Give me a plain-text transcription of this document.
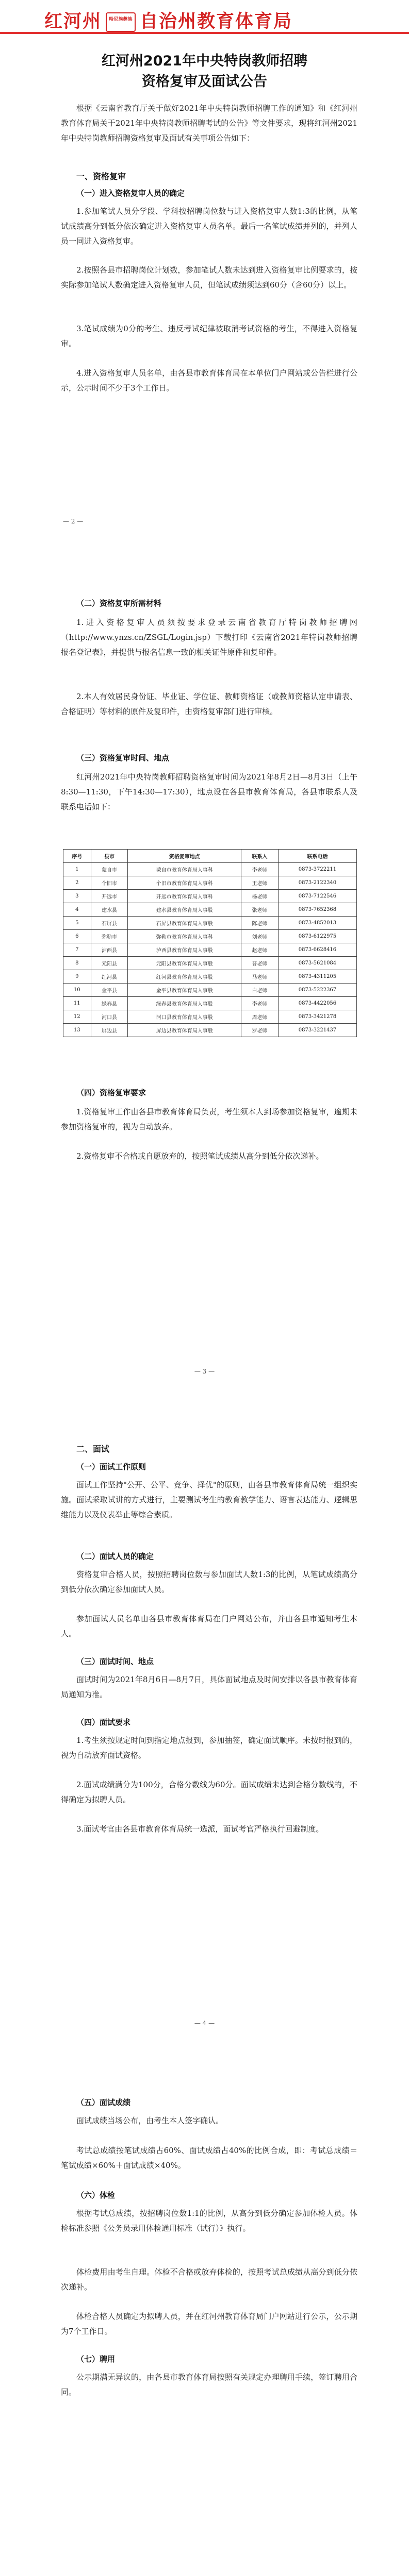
红河州 哈尼族彝族 自治州教育体育局
红河州2021年中央特岗教师招聘
资格复审及面试公告
根据《云南省教育厅关于做好2021年中央特岗教师招聘工作的通知》和《红河州教育体育局关于2021年中央特岗教师招聘考试的公告》等文件要求，现将红河州2021年中央特岗教师招聘资格复审及面试有关事项公告如下：
一、资格复审
（一）进入资格复审人员的确定
1.参加笔试人员分学段、学科按招聘岗位数与进入资格复审人数1:3的比例，从笔试成绩高分到低分依次确定进入资格复审人员名单。最后一名笔试成绩并列的，并列人员一同进入资格复审。
2.按照各县市招聘岗位计划数，参加笔试人数未达到进入资格复审比例要求的，按实际参加笔试人数确定进入资格复审人员，但笔试成绩须达到60分（含60分）以上。
3.笔试成绩为0分的考生、违反考试纪律被取消考试资格的考生，不得进入资格复审。
4.进入资格复审人员名单，由各县市教育体育局在本单位门户网站或公告栏进行公示，公示时间不少于3个工作日。
— 2 —
（二）资格复审所需材料
1.进入资格复审人员须按要求登录云南省教育厅特岗教师招聘网（http://www.ynzs.cn/ZSGL/Login.jsp）下载打印《云南省2021年特岗教师招聘报名登记表》，并提供与报名信息一致的相关证件原件和复印件。
2.本人有效居民身份证、毕业证、学位证、教师资格证（或教师资格认定申请表、合格证明）等材料的原件及复印件，由资格复审部门进行审核。
（三）资格复审时间、地点
红河州2021年中央特岗教师招聘资格复审时间为2021年8月2日—8月3日（上午8:30—11:30，下午14:30—17:30），地点设在各县市教育体育局，各县市联系人及联系电话如下：
序号	县市	资格复审地点	联系人	联系电话
1	蒙自市	蒙自市教育体育局人事科	李老师	0873-3722211
2	个旧市	个旧市教育体育局人事科	王老师	0873-2122340
3	开远市	开远市教育体育局人事科	杨老师	0873-7122546
4	建水县	建水县教育体育局人事股	张老师	0873-7652368
5	石屏县	石屏县教育体育局人事股	陈老师	0873-4852013
6	弥勒市	弥勒市教育体育局人事科	刘老师	0873-6122975
7	泸西县	泸西县教育体育局人事股	赵老师	0873-6628416
8	元阳县	元阳县教育体育局人事股	普老师	0873-5621084
9	红河县	红河县教育体育局人事股	马老师	0873-4311205
10	金平县	金平县教育体育局人事股	白老师	0873-5222367
11	绿春县	绿春县教育体育局人事股	李老师	0873-4422056
12	河口县	河口县教育体育局人事股	周老师	0873-3421278
13	屏边县	屏边县教育体育局人事股	罗老师	0873-3221437
（四）资格复审要求
1.资格复审工作由各县市教育体育局负责，考生须本人到场参加资格复审，逾期未参加资格复审的，视为自动放弃。
2.资格复审不合格或自愿放弃的，按照笔试成绩从高分到低分依次递补。
— 3 —
二、面试
（一）面试工作原则
面试工作坚持"公开、公平、竞争、择优"的原则，由各县市教育体育局统一组织实施。面试采取试讲的方式进行，主要测试考生的教育教学能力、语言表达能力、逻辑思维能力以及仪表举止等综合素质。
（二）面试人员的确定
资格复审合格人员，按照招聘岗位数与参加面试人数1:3的比例，从笔试成绩高分到低分依次确定参加面试人员。
参加面试人员名单由各县市教育体育局在门户网站公布，并由各县市通知考生本人。
（三）面试时间、地点
面试时间为2021年8月6日—8月7日，具体面试地点及时间安排以各县市教育体育局通知为准。
（四）面试要求
1.考生须按规定时间到指定地点报到，参加抽签，确定面试顺序。未按时报到的，视为自动放弃面试资格。
2.面试成绩满分为100分，合格分数线为60分。面试成绩未达到合格分数线的，不得确定为拟聘人员。
3.面试考官由各县市教育体育局统一选派，面试考官严格执行回避制度。
— 4 —
（五）面试成绩
面试成绩当场公布，由考生本人签字确认。
考试总成绩按笔试成绩占60%、面试成绩占40%的比例合成，即：考试总成绩＝笔试成绩×60%＋面试成绩×40%。
（六）体检
根据考试总成绩，按招聘岗位数1:1的比例，从高分到低分确定参加体检人员。体检标准参照《公务员录用体检通用标准（试行）》执行。
体检费用由考生自理。体检不合格或放弃体检的，按照考试总成绩从高分到低分依次递补。
体检合格人员确定为拟聘人员，并在红河州教育体育局门户网站进行公示，公示期为7个工作日。
（七）聘用
公示期满无异议的，由各县市教育体育局按照有关规定办理聘用手续，签订聘用合同。
